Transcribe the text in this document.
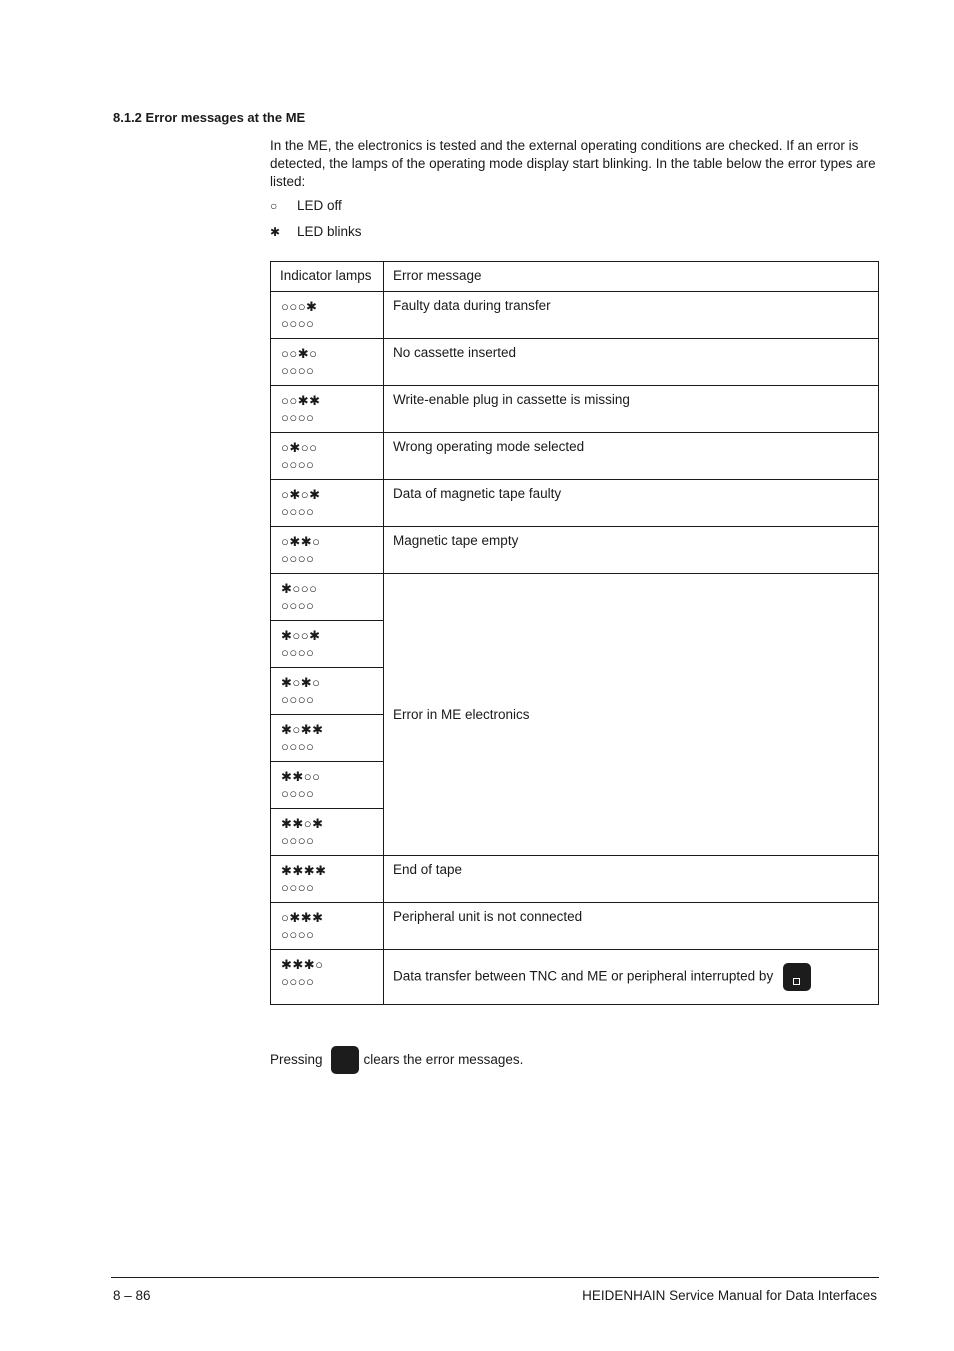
8.1.2 Error messages at the ME

In the ME, the electronics is tested and the external operating conditions are checked. If an error is detected, the lamps of the operating mode display start blinking. In the table below the error types are listed:

○ LED off
✱ LED blinks
Indicator lamps	Error message
○○○✱
○○○○	Faulty data during transfer
○○✱○
○○○○	No cassette inserted
○○✱✱
○○○○	Write-enable plug in cassette is missing
○✱○○
○○○○	Wrong operating mode selected
○✱○✱
○○○○	Data of magnetic tape faulty
○✱✱○
○○○○	Magnetic tape empty
✱○○○
○○○○	Error in ME electronics
✱○○✱
○○○○	
✱○✱○
○○○○	
✱○✱✱
○○○○	
✱✱○○
○○○○	
✱✱○✱
○○○○	
✱✱✱✱
○○○○	End of tape
○✱✱✱
○○○○	Peripheral unit is not connected
✱✱✱○
○○○○	Data transfer between TNC and ME or peripheral interrupted by
Pressing	clears the error messages.
8 – 86	HEIDENHAIN Service Manual for Data Interfaces
